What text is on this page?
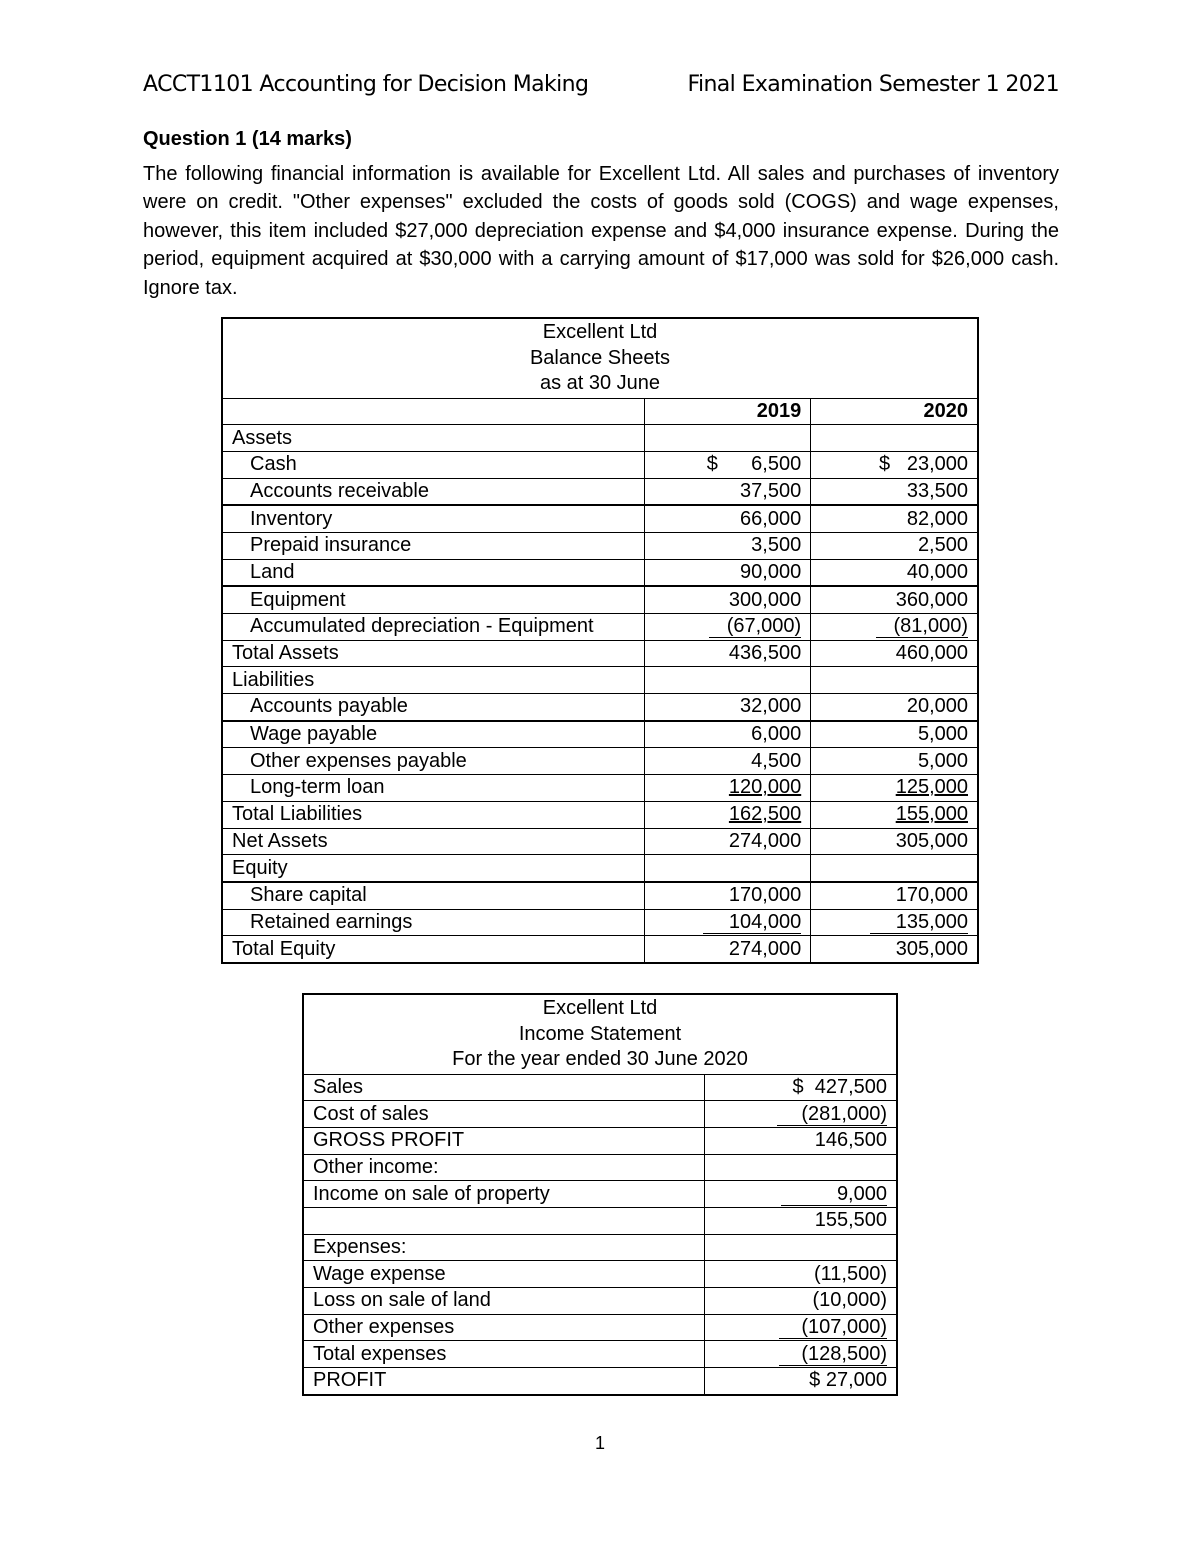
ACCT1101 Accounting for Decision Making	Final Examination Semester 1 2021
Question 1 (14 marks)

The following financial information is available for Excellent Ltd. All sales and purchases of inventory were on credit. "Other expenses" excluded the costs of goods sold (COGS) and wage expenses, however, this item included $27,000 depreciation expense and $4,000 insurance expense. During the period, equipment acquired at $30,000 with a carrying amount of $17,000 was sold for $26,000 cash. Ignore tax.

Excellent Ltd
Balance Sheets
as at 30 June		

	2019	2020
Assets		
Cash	$      6,500	$   23,000
Accounts receivable	37,500	33,500
Inventory	66,000	82,000
Prepaid insurance	3,500	2,500
Land	90,000	40,000
Equipment	300,000	360,000
Accumulated depreciation - Equipment	(67,000)	(81,000)
Total Assets	436,500	460,000
Liabilities		
Accounts payable	32,000	20,000
Wage payable	6,000	5,000
Other expenses payable	4,500	5,000
Long-term loan	120,000	125,000
Total Liabilities	162,500	155,000
Net Assets	274,000	305,000
Equity		
Share capital	170,000	170,000
Retained earnings	104,000	135,000
Total Equity	274,000	305,000
Excellent Ltd
Income Statement
For the year ended 30 June 2020	

Sales	$  427,500
Cost of sales	(281,000)
GROSS PROFIT	146,500
Other income:	
Income on sale of property	9,000
	155,500
Expenses:	
Wage expense	(11,500)
Loss on sale of land	(10,000)
Other expenses	(107,000)
Total expenses	(128,500)
PROFIT	$ 27,000
1
